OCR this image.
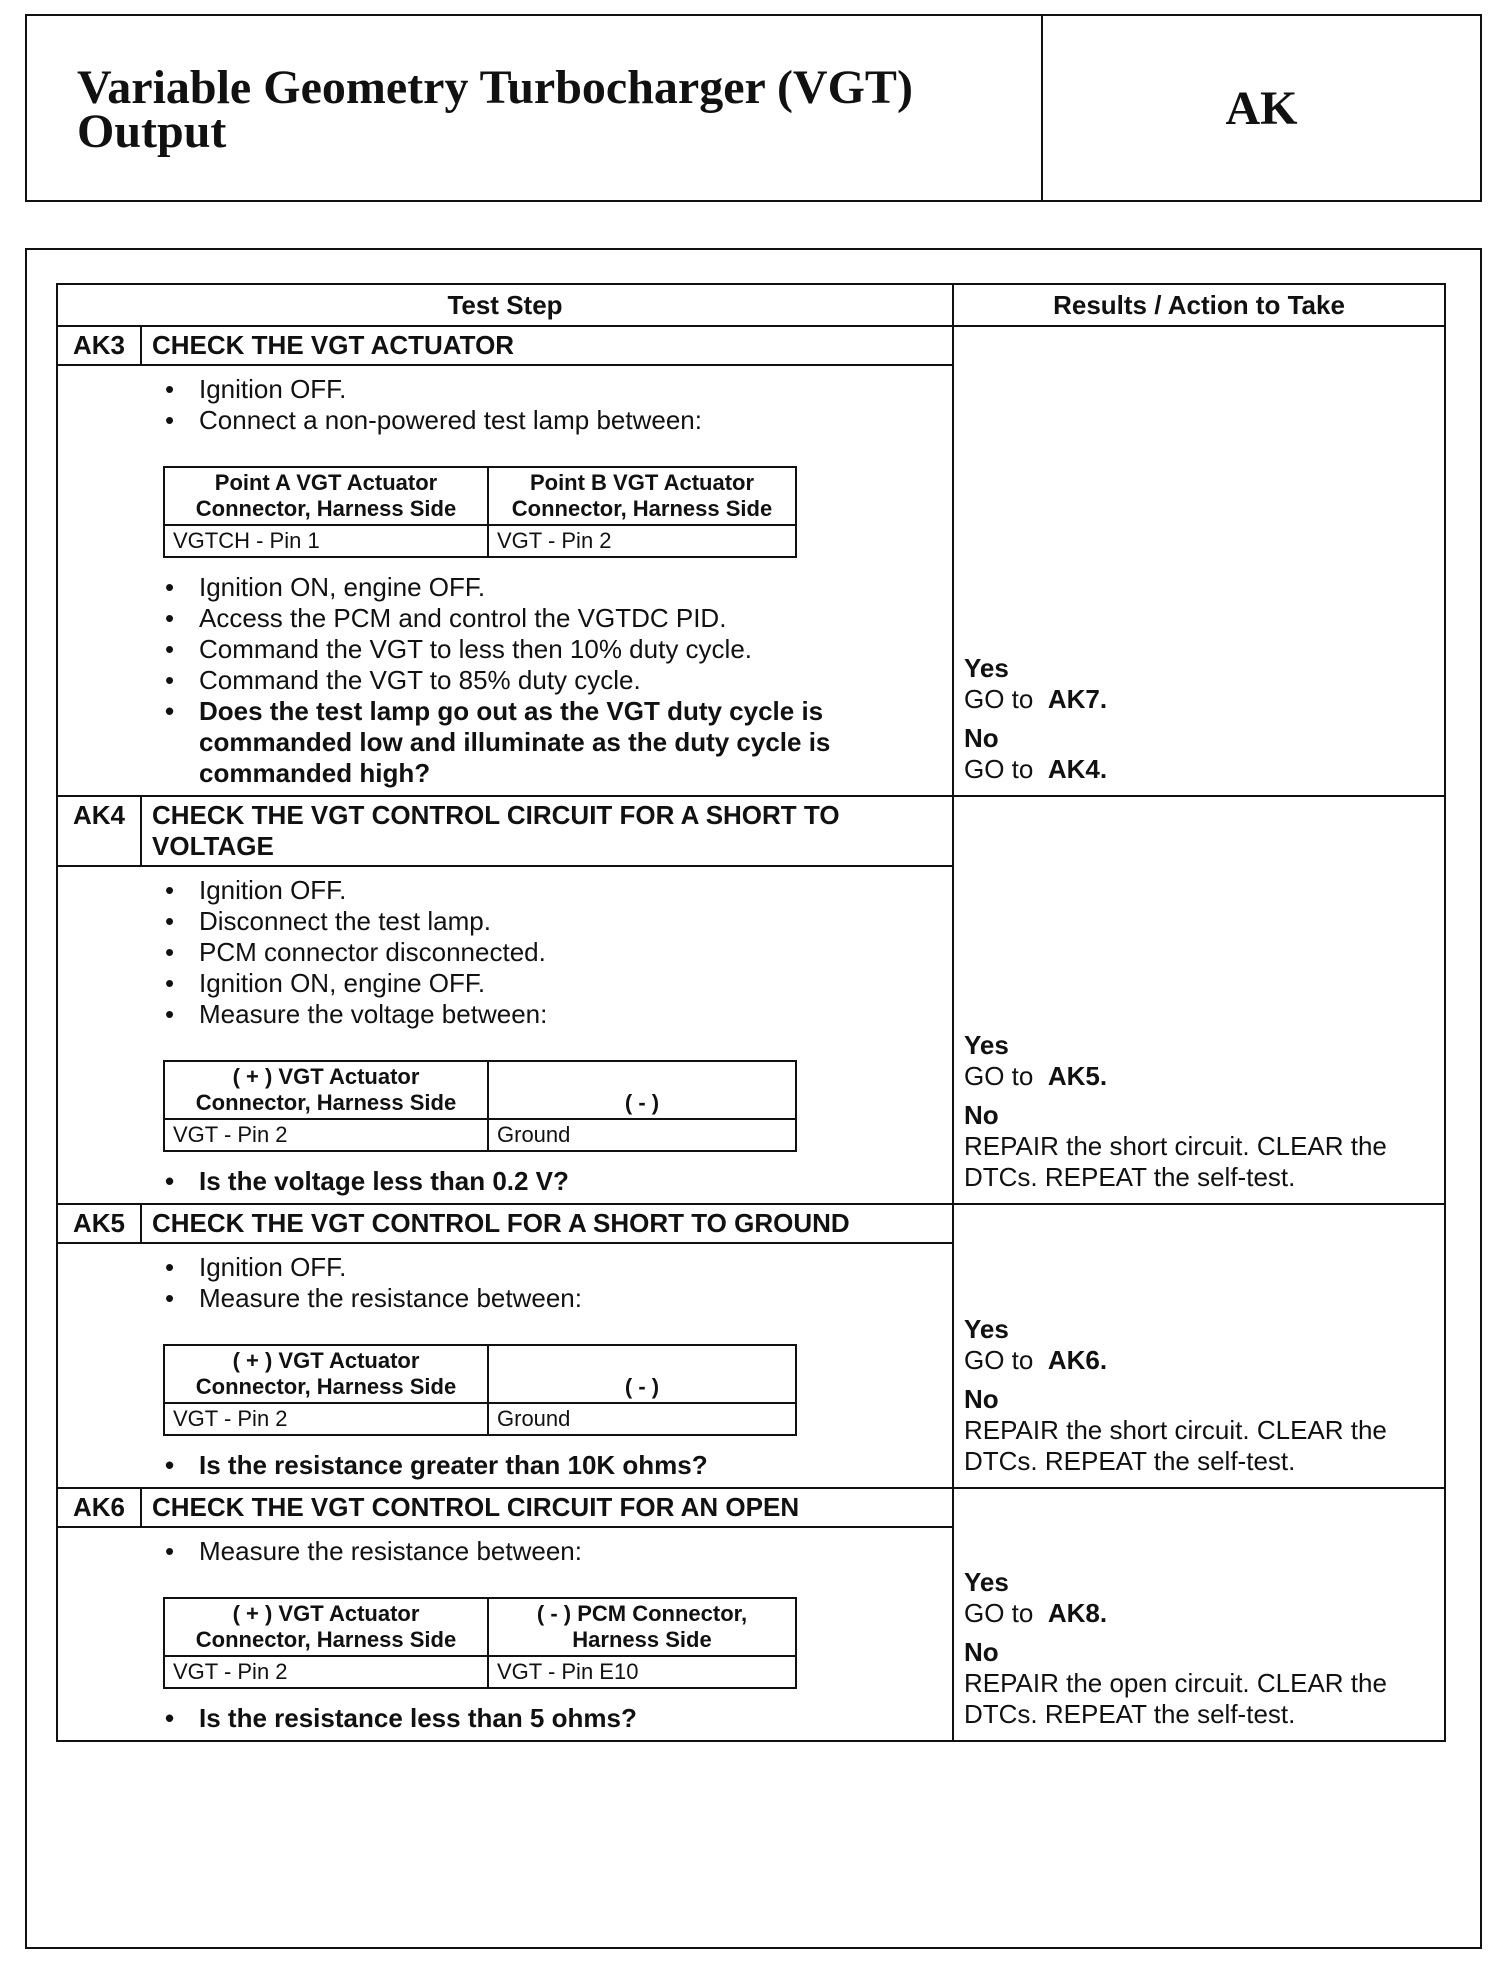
Variable Geometry Turbocharger (VGT)
Output	AK
Test Step	Results / Action to Take
AK3	CHECK THE VGT ACTUATOR	
Yes
GO to AK7.
No
GO to AK4.

• Ignition OFF.
• Connect a non-powered test lamp between:
Point A VGT Actuator Connector, Harness Side	Point B VGT Actuator Connector, Harness Side
VGTCH - Pin 1	VGT - Pin 2
• Ignition ON, engine OFF.
• Access the PCM and control the VGTDC PID.
• Command the VGT to less then 10% duty cycle.
• Command the VGT to 85% duty cycle.
• Does the test lamp go out as the VGT duty cycle is commanded low and illuminate as the duty cycle is commanded high?

AK4	CHECK THE VGT CONTROL CIRCUIT FOR A SHORT TO VOLTAGE	
Yes
GO to AK5.
No
REPAIR the short circuit. CLEAR the DTCs. REPEAT the self-test.

• Ignition OFF.
• Disconnect the test lamp.
• PCM connector disconnected.
• Ignition ON, engine OFF.
• Measure the voltage between:
( + ) VGT Actuator Connector, Harness Side	( - )
VGT - Pin 2	Ground
• Is the voltage less than 0.2 V?

AK5	CHECK THE VGT CONTROL FOR A SHORT TO GROUND	
Yes
GO to AK6.
No
REPAIR the short circuit. CLEAR the DTCs. REPEAT the self-test.

• Ignition OFF.
• Measure the resistance between:
( + ) VGT Actuator Connector, Harness Side	( - )
VGT - Pin 2	Ground
• Is the resistance greater than 10K ohms?

AK6	CHECK THE VGT CONTROL CIRCUIT FOR AN OPEN	
Yes
GO to AK8.
No
REPAIR the open circuit. CLEAR the DTCs. REPEAT the self-test.

• Measure the resistance between:
( + ) VGT Actuator Connector, Harness Side	( - ) PCM Connector, Harness Side
VGT - Pin 2	VGT - Pin E10
• Is the resistance less than 5 ohms?
